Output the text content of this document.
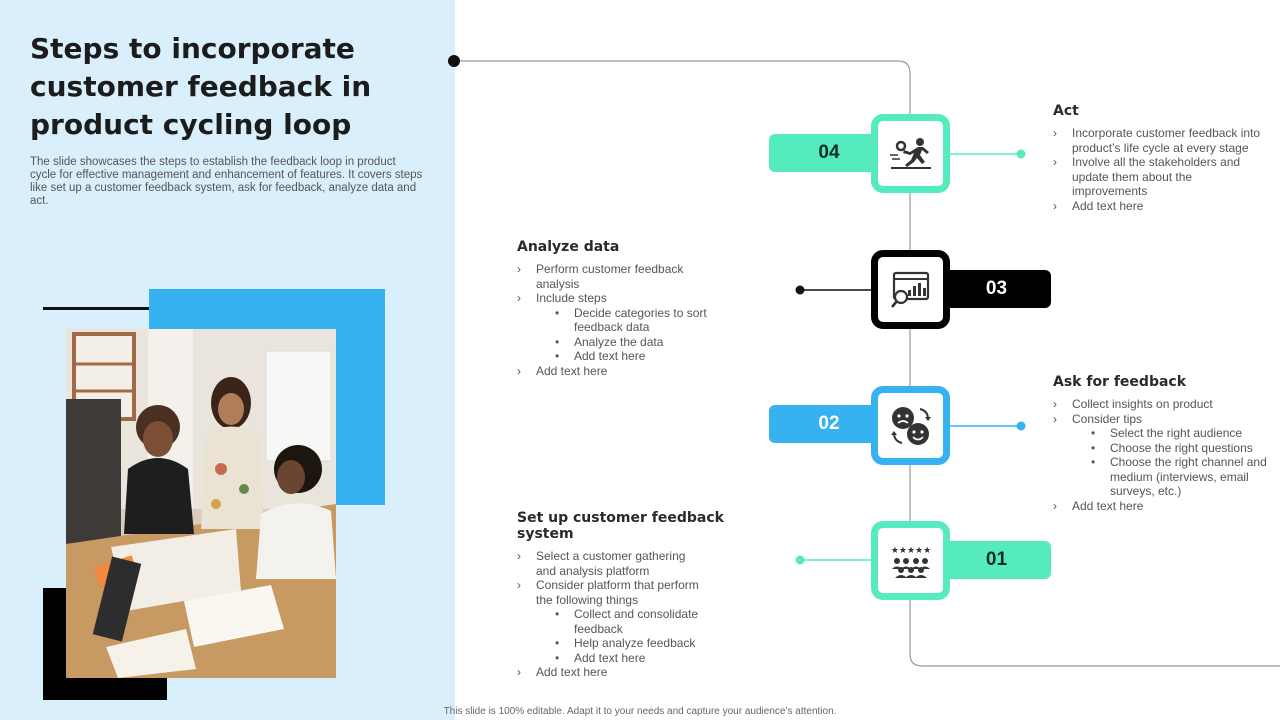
Steps to incorporate customer feedback in product cycling loop

The slide showcases the steps to establish the feedback loop in product cycle for effective management and enhancement of features. It covers steps like set up a customer feedback system, ask for feedback, analyze data and act.

04
Act
› Incorporate customer feedback into product’s life cycle at every stage
› Involve all the stakeholders and update them about the improvements
› Add text here
03
Analyze data
› Perform customer feedback analysis
› Include steps
• Decide categories to sort feedback data
• Analyze the data
• Add text here
› Add text here
02
Ask for feedback
› Collect insights on product
› Consider tips
• Select the right audience
• Choose the right questions
• Choose the right channel and medium (interviews, email surveys, etc.)
› Add text here
01
★★★★★
Set up customer feedback system
› Select a customer gathering and analysis platform
› Consider platform that perform the following things
• Collect and consolidate feedback
• Help analyze feedback
• Add text here
› Add text here
This slide is 100% editable. Adapt it to your needs and capture your audience’s attention.
